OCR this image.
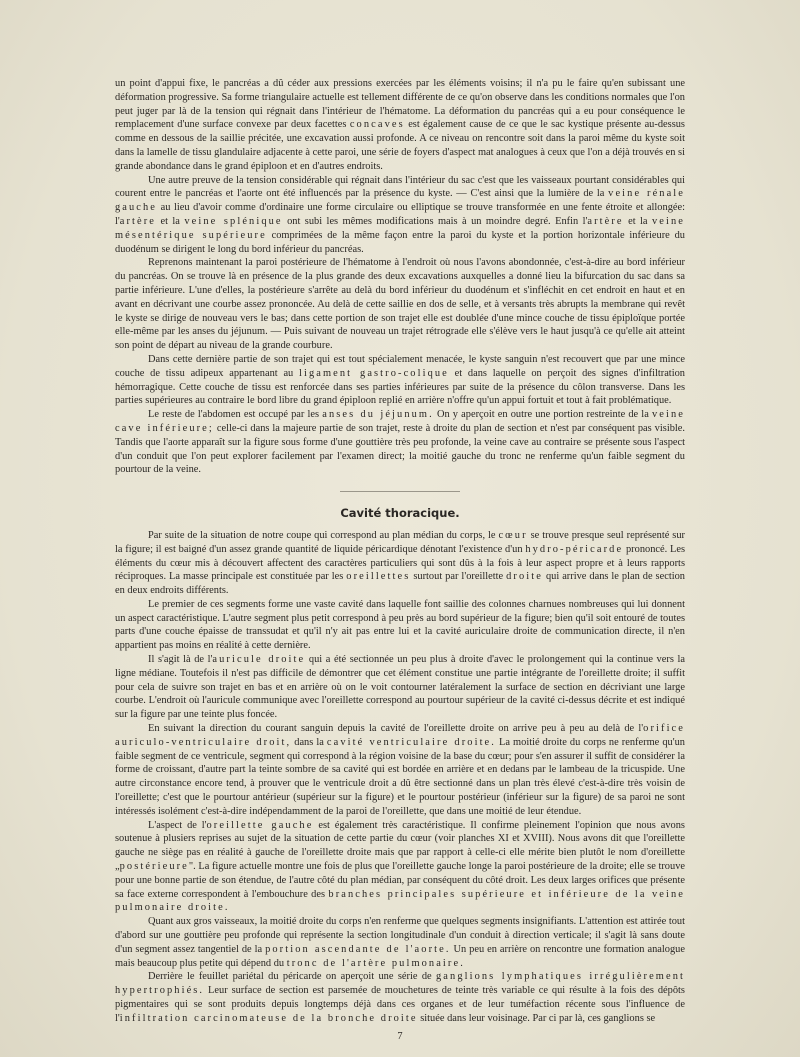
un point d'appui fixe, le pancréas a dû céder aux pressions exercées par les éléments voisins; il n'a pu le faire qu'en subissant une déformation progressive. Sa forme triangulaire actuelle est tellement différente de ce qu'on observe dans les conditions normales que l'on peut juger par là de la tension qui régnait dans l'intérieur de l'hématome. La déformation du pancréas qui a eu pour conséquence le remplacement d'une surface convexe par deux facettes concaves est également cause de ce que le sac kystique présente au-dessus comme en dessous de la saillie précitée, une excavation aussi profonde. A ce niveau on rencontre soit dans la paroi même du kyste soit dans la lamelle de tissu glandulaire adjacente à cette paroi, une série de foyers d'aspect mat analogues à ceux que l'on a déjà trouvés en si grande abondance dans le grand épiploon et en d'autres endroits.

Une autre preuve de la tension considérable qui régnait dans l'intérieur du sac c'est que les vaisseaux pourtant considérables qui courent entre le pancréas et l'aorte ont été influencés par la présence du kyste. — C'est ainsi que la lumière de la veine rénale gauche au lieu d'avoir comme d'ordinaire une forme circulaire ou elliptique se trouve transformée en une fente étroite et allongée: l'artère et la veine splénique ont subi les mêmes modifications mais à un moindre degré. Enfin l'artère et la veine mésentérique supérieure comprimées de la même façon entre la paroi du kyste et la portion horizontale inférieure du duodénum se dirigent le long du bord inférieur du pancréas.

Reprenons maintenant la paroi postérieure de l'hématome à l'endroit où nous l'avons abondonnée, c'est-à-dire au bord inférieur du pancréas. On se trouve là en présence de la plus grande des deux excavations auxquelles a donné lieu la bifurcation du sac dans sa partie inférieure. L'une d'elles, la postérieure s'arrête au delà du bord inférieur du duodénum et s'infléchit en cet endroit en haut et en avant en décrivant une courbe assez prononcée. Au delà de cette saillie en dos de selle, et à versants très abrupts la membrane qui revêt le kyste se dirige de nouveau vers le bas; dans cette portion de son trajet elle est doublée d'une mince couche de tissu épiploïque portée elle-même par les anses du jéjunum. — Puis suivant de nouveau un trajet rétrograde elle s'élève vers le haut jusqu'à ce qu'elle ait atteint son point de départ au niveau de la grande courbure.

Dans cette dernière partie de son trajet qui est tout spécialement menacée, le kyste sanguin n'est recouvert que par une mince couche de tissu adipeux appartenant au ligament gastro-colique et dans laquelle on perçoit des signes d'infiltration hémorragique. Cette couche de tissu est renforcée dans ses parties inférieures par suite de la présence du côlon transverse. Dans les parties supérieures au contraire le bord libre du grand épiploon replié en arrière n'offre qu'un appui fortuit et tout à fait problématique.

Le reste de l'abdomen est occupé par les anses du jéjunum. On y aperçoit en outre une portion restreinte de la veine cave inférieure; celle-ci dans la majeure partie de son trajet, reste à droite du plan de section et n'est par conséquent pas visible. Tandis que l'aorte apparaît sur la figure sous forme d'une gouttière très peu profonde, la veine cave au contraire se présente sous l'aspect d'un conduit que l'on peut explorer facilement par l'examen direct; la moitié gauche du tronc ne renferme qu'un faible segment du pourtour de la veine.

Cavité thoracique.

Par suite de la situation de notre coupe qui correspond au plan médian du corps, le cœur se trouve presque seul représenté sur la figure; il est baigné d'un assez grande quantité de liquide péricardique dénotant l'existence d'un hydro-péricarde prononcé. Les éléments du cœur mis à découvert affectent des caractères particuliers qui sont dûs à la fois à leur aspect propre et à leurs rapports réciproques. La masse principale est constituée par les oreillettes surtout par l'oreillette droite qui arrive dans le plan de section en deux endroits différents.

Le premier de ces segments forme une vaste cavité dans laquelle font saillie des colonnes charnues nombreuses qui lui donnent un aspect caractéristique. L'autre segment plus petit correspond à peu près au bord supérieur de la figure; bien qu'il soit entouré de toutes parts d'une couche épaisse de transsudat et qu'il n'y ait pas entre lui et la cavité auriculaire droite de communication directe, il n'en appartient pas moins en réalité à cette dernière.

Il s'agit là de l'auricule droite qui a été sectionnée un peu plus à droite d'avec le prolongement qui la continue vers la ligne médiane. Toutefois il n'est pas difficile de démontrer que cet élément constitue une partie intégrante de l'oreillette droite; il suffit pour cela de suivre son trajet en bas et en arrière où on le voit contourner latéralement la surface de section en décriviant une large courbe. L'endroit où l'auricule communique avec l'oreillette correspond au pourtour supérieur de la cavité ci-dessus décrite et est indiqué sur la figure par une teinte plus foncée.

En suivant la direction du courant sanguin depuis la cavité de l'oreillette droite on arrive peu à peu au delà de l'orifice auriculo-ventriculaire droit, dans la cavité ventriculaire droite. La moitié droite du corps ne renferme qu'un faible segment de ce ventricule, segment qui correspond à la région voisine de la base du cœur; pour s'en assurer il suffit de considérer la forme de croissant, d'autre part la teinte sombre de sa cavité qui est bordée en arrière et en dedans par le lambeau de la tricuspide. Une autre circonstance encore tend, à prouver que le ventricule droit a dû être sectionné dans un plan très élevé c'est-à-dire très voisin de l'oreillette; c'est que le pourtour antérieur (supérieur sur la figure) et le pourtour postérieur (inférieur sur la figure) de sa paroi ne sont intéressés isolément c'est-à-dire indépendamment de la paroi de l'oreillette, que dans une moitié de leur étendue.

L'aspect de l'oreillette gauche est également très caractéristique. Il confirme pleinement l'opinion que nous avons soutenue à plusiers reprises au sujet de la situation de cette partie du cœur (voir planches XI et XVIII). Nous avons dit que l'oreillette gauche ne siège pas en réalité à gauche de l'oreillette droite mais que par rapport à celle-ci elle mérite bien plutôt le nom d'oreillette „postérieure". La figure actuelle montre une fois de plus que l'oreillette gauche longe la paroi postérieure de la droite; elle se trouve pour une bonne partie de son étendue, de l'autre côté du plan médian, par conséquent du côté droit. Les deux larges orifices que présente sa face externe correspondent à l'embouchure des branches principales supérieure et inférieure de la veine pulmonaire droite.

Quant aux gros vaisseaux, la moitié droite du corps n'en renferme que quelques segments insignifiants. L'attention est attirée tout d'abord sur une gouttière peu profonde qui représente la section longitudinale d'un conduit à direction verticale; il s'agit là sans doute d'un segment assez tangentiel de la portion ascendante de l'aorte. Un peu en arrière on rencontre une formation analogue mais beaucoup plus petite qui dépend du tronc de l'artère pulmonaire.

Derrière le feuillet pariétal du péricarde on aperçoit une série de ganglions lymphatiques irrégulièrement hypertrophiés. Leur surface de section est parsemée de mouchetures de teinte très variable ce qui résulte à la fois des dépôts pigmentaires qui se sont produits depuis longtemps déjà dans ces organes et de leur tuméfaction récente sous l'influence de l'infiltration carcinomateuse de la bronche droite située dans leur voisinage. Par ci par là, ces ganglions se

7
